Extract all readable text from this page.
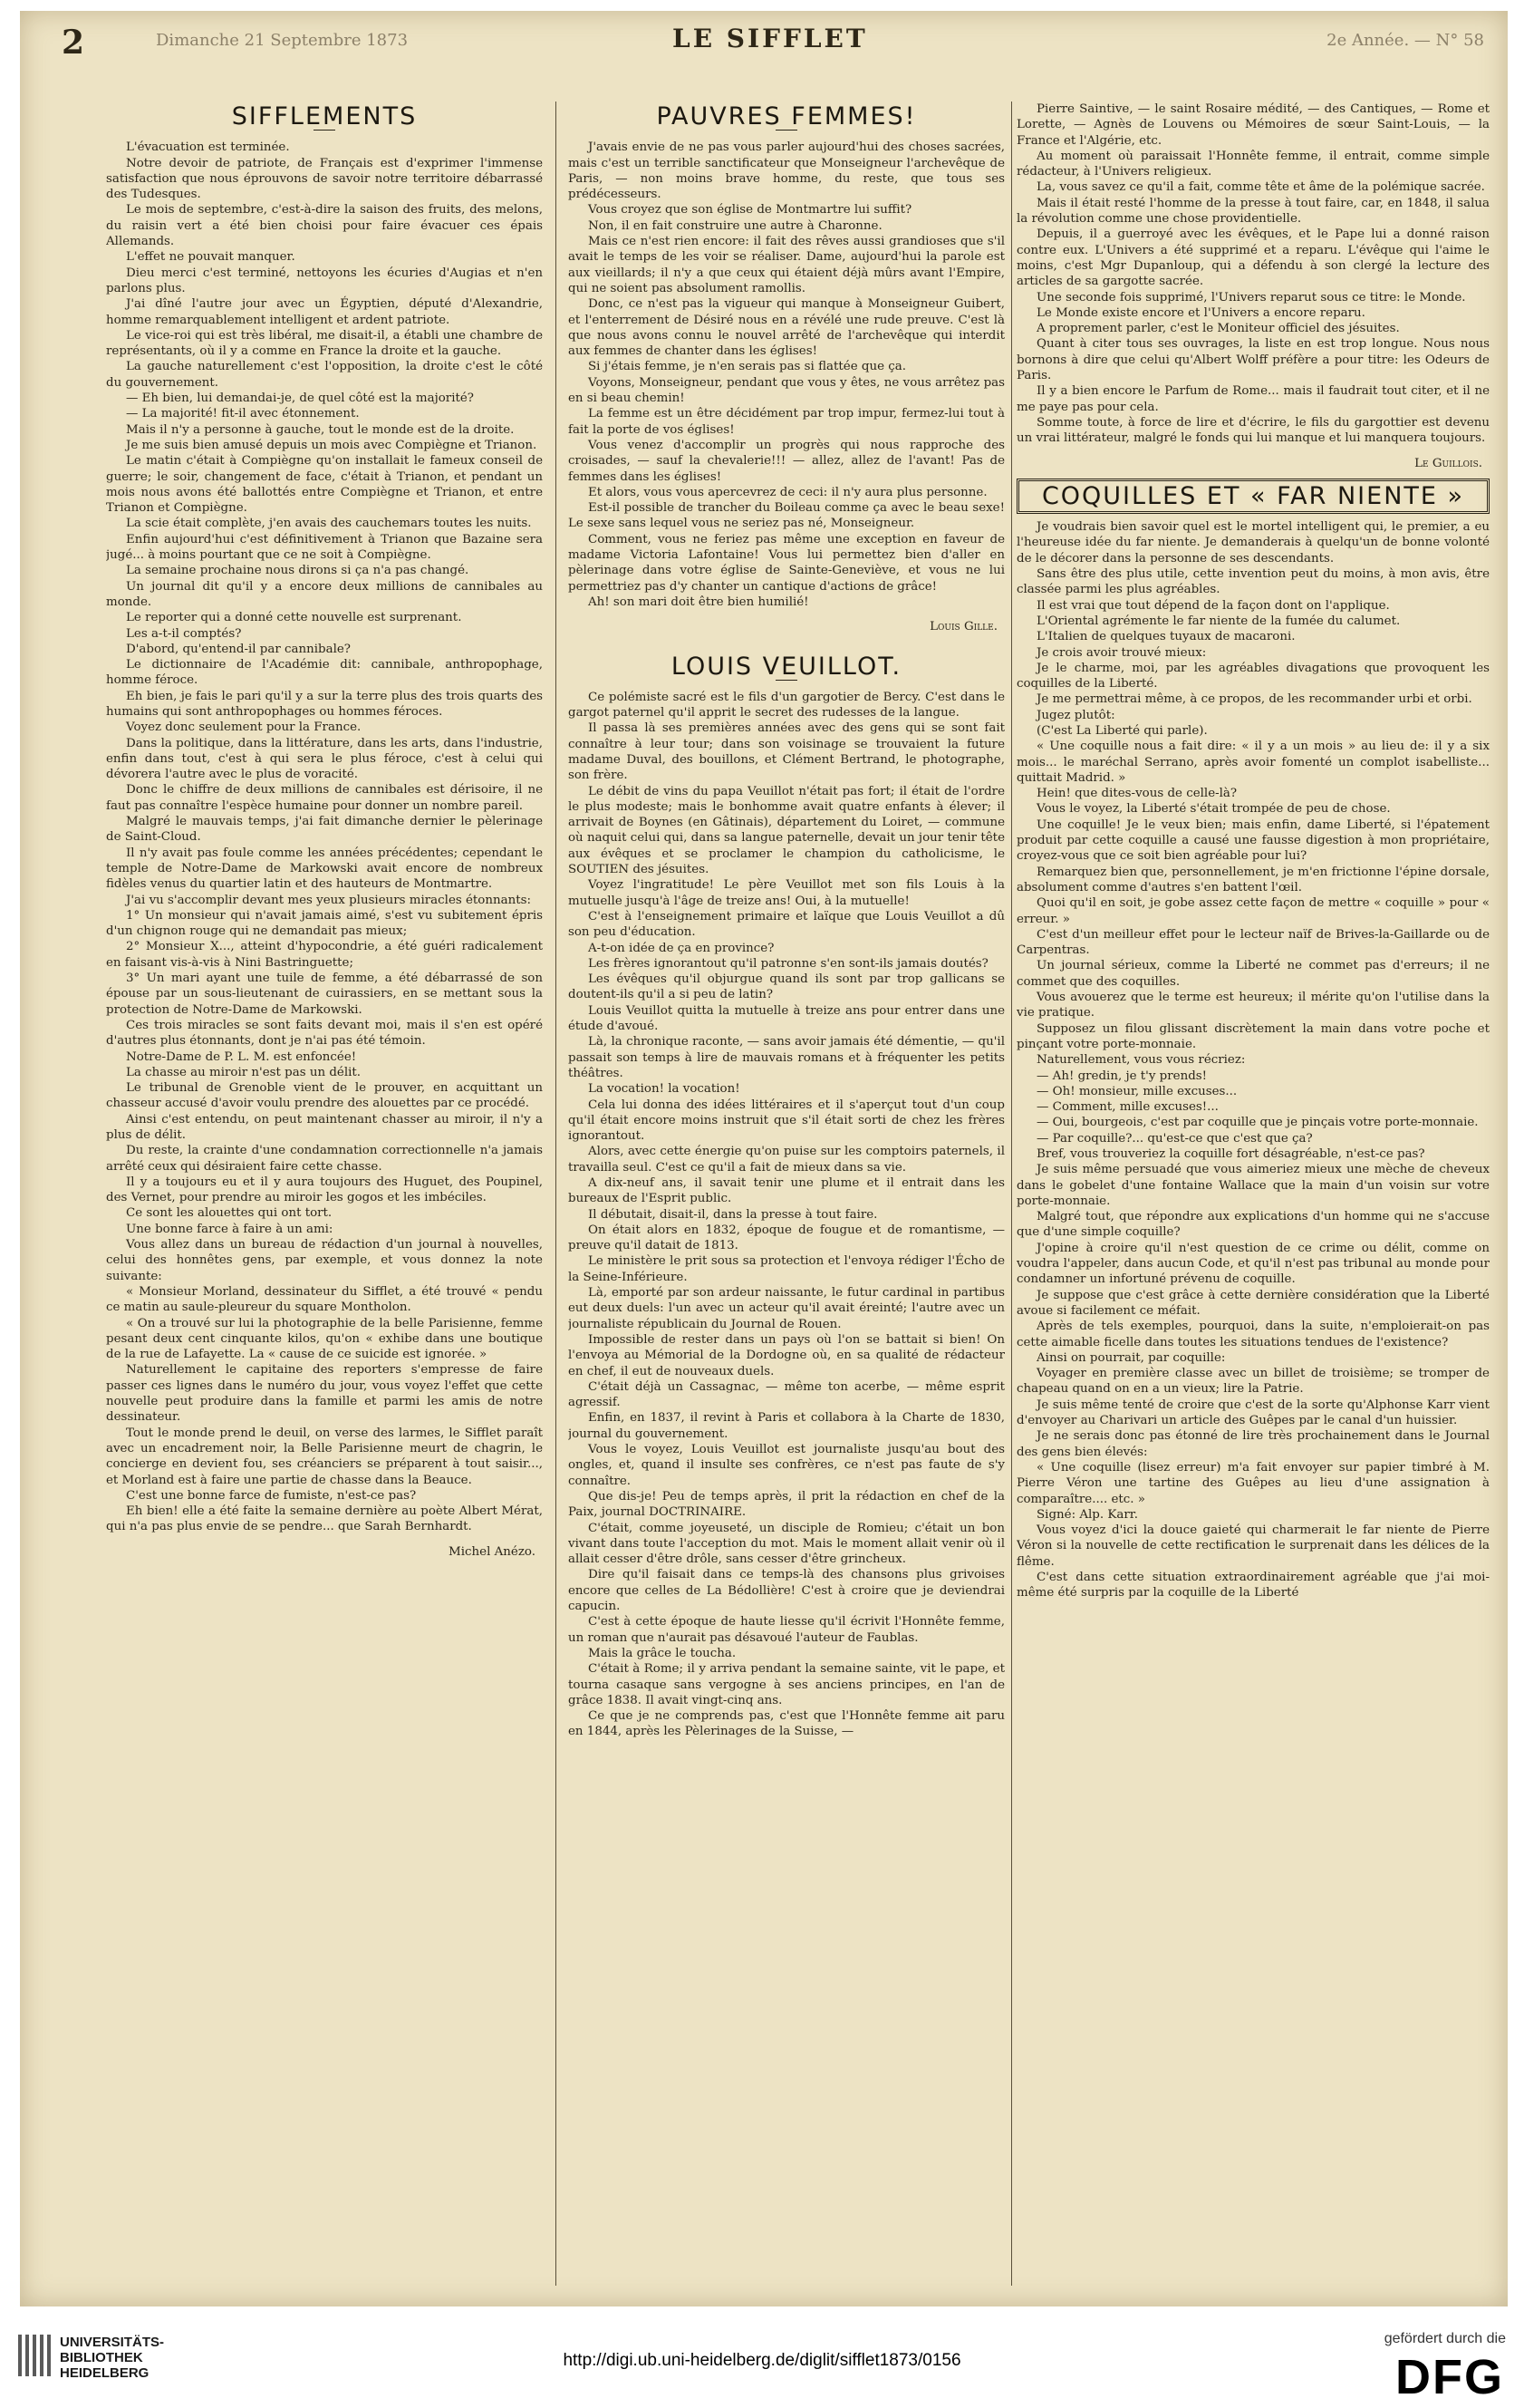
2	Dimanche 21 Septembre 1873	LE SIFFLET	2e Année. — N° 58
SIFFLEMENTS

L'évacuation est terminée.

Notre devoir de patriote, de Français est d'exprimer l'immense satisfaction que nous éprouvons de savoir notre territoire débarrassé des Tudesques.

Le mois de septembre, c'est-à-dire la saison des fruits, des melons, du raisin vert a été bien choisi pour faire évacuer ces épais Allemands.

L'effet ne pouvait manquer.

Dieu merci c'est terminé, nettoyons les écuries d'Augias et n'en parlons plus.

J'ai dîné l'autre jour avec un Égyptien, député d'Alexandrie, homme remarquablement intelligent et ardent patriote.

Le vice-roi qui est très libéral, me disait-il, a établi une chambre de représentants, où il y a comme en France la droite et la gauche.

La gauche naturellement c'est l'opposition, la droite c'est le côté du gouvernement.

— Eh bien, lui demandai-je, de quel côté est la majorité?

— La majorité! fit-il avec étonnement.

Mais il n'y a personne à gauche, tout le monde est de la droite.

Je me suis bien amusé depuis un mois avec Compiègne et Trianon.

Le matin c'était à Compiègne qu'on installait le fameux conseil de guerre; le soir, changement de face, c'était à Trianon, et pendant un mois nous avons été ballottés entre Compiègne et Trianon, et entre Trianon et Compiègne.

La scie était complète, j'en avais des cauchemars toutes les nuits.

Enfin aujourd'hui c'est définitivement à Trianon que Bazaine sera jugé... à moins pourtant que ce ne soit à Compiègne.

La semaine prochaine nous dirons si ça n'a pas changé.

Un journal dit qu'il y a encore deux millions de cannibales au monde.

Le reporter qui a donné cette nouvelle est surprenant.

Les a-t-il comptés?

D'abord, qu'entend-il par cannibale?

Le dictionnaire de l'Académie dit: cannibale, anthropophage, homme féroce.

Eh bien, je fais le pari qu'il y a sur la terre plus des trois quarts des humains qui sont anthropophages ou hommes féroces.

Voyez donc seulement pour la France.

Dans la politique, dans la littérature, dans les arts, dans l'industrie, enfin dans tout, c'est à qui sera le plus féroce, c'est à celui qui dévorera l'autre avec le plus de voracité.

Donc le chiffre de deux millions de cannibales est dérisoire, il ne faut pas connaître l'espèce humaine pour donner un nombre pareil.

Malgré le mauvais temps, j'ai fait dimanche dernier le pèlerinage de Saint-Cloud.

Il n'y avait pas foule comme les années précédentes; cependant le temple de Notre-Dame de Markowski avait encore de nombreux fidèles venus du quartier latin et des hauteurs de Montmartre.

J'ai vu s'accomplir devant mes yeux plusieurs miracles étonnants:

1° Un monsieur qui n'avait jamais aimé, s'est vu subitement épris d'un chignon rouge qui ne demandait pas mieux;

2° Monsieur X..., atteint d'hypocondrie, a été guéri radicalement en faisant vis-à-vis à Nini Bastringuette;

3° Un mari ayant une tuile de femme, a été débarrassé de son épouse par un sous-lieutenant de cuirassiers, en se mettant sous la protection de Notre-Dame de Markowski.

Ces trois miracles se sont faits devant moi, mais il s'en est opéré d'autres plus étonnants, dont je n'ai pas été témoin.

Notre-Dame de P. L. M. est enfoncée!

La chasse au miroir n'est pas un délit.

Le tribunal de Grenoble vient de le prouver, en acquittant un chasseur accusé d'avoir voulu prendre des alouettes par ce procédé.

Ainsi c'est entendu, on peut maintenant chasser au miroir, il n'y a plus de délit.

Du reste, la crainte d'une condamnation correctionnelle n'a jamais arrêté ceux qui désiraient faire cette chasse.

Il y a toujours eu et il y aura toujours des Huguet, des Poupinel, des Vernet, pour prendre au miroir les gogos et les imbéciles.

Ce sont les alouettes qui ont tort.

Une bonne farce à faire à un ami:

Vous allez dans un bureau de rédaction d'un journal à nouvelles, celui des honnêtes gens, par exemple, et vous donnez la note suivante:

« Monsieur Morland, dessinateur du Sifflet, a été trouvé « pendu ce matin au saule-pleureur du square Montholon.

« On a trouvé sur lui la photographie de la belle Parisienne, femme pesant deux cent cinquante kilos, qu'on « exhibe dans une boutique de la rue de Lafayette. La « cause de ce suicide est ignorée. »

Naturellement le capitaine des reporters s'empresse de faire passer ces lignes dans le numéro du jour, vous voyez l'effet que cette nouvelle peut produire dans la famille et parmi les amis de notre dessinateur.

Tout le monde prend le deuil, on verse des larmes, le Sifflet paraît avec un encadrement noir, la Belle Parisienne meurt de chagrin, le concierge en devient fou, ses créanciers se préparent à tout saisir..., et Morland est à faire une partie de chasse dans la Beauce.

C'est une bonne farce de fumiste, n'est-ce pas?

Eh bien! elle a été faite la semaine dernière au poète Albert Mérat, qui n'a pas plus envie de se pendre... que Sarah Bernhardt.

Michel Anézo.

PAUVRES FEMMES!

J'avais envie de ne pas vous parler aujourd'hui des choses sacrées, mais c'est un terrible sanctificateur que Monseigneur l'archevêque de Paris, — non moins brave homme, du reste, que tous ses prédécesseurs.

Vous croyez que son église de Montmartre lui suffit?

Non, il en fait construire une autre à Charonne.

Mais ce n'est rien encore: il fait des rêves aussi grandioses que s'il avait le temps de les voir se réaliser. Dame, aujourd'hui la parole est aux vieillards; il n'y a que ceux qui étaient déjà mûrs avant l'Empire, qui ne soient pas absolument ramollis.

Donc, ce n'est pas la vigueur qui manque à Monseigneur Guibert, et l'enterrement de Désiré nous en a révélé une rude preuve. C'est là que nous avons connu le nouvel arrêté de l'archevêque qui interdit aux femmes de chanter dans les églises!

Si j'étais femme, je n'en serais pas si flattée que ça.

Voyons, Monseigneur, pendant que vous y êtes, ne vous arrêtez pas en si beau chemin!

La femme est un être décidément par trop impur, fermez-lui tout à fait la porte de vos églises!

Vous venez d'accomplir un progrès qui nous rapproche des croisades, — sauf la chevalerie!!! — allez, allez de l'avant! Pas de femmes dans les églises!

Et alors, vous vous apercevrez de ceci: il n'y aura plus personne.

Est-il possible de trancher du Boileau comme ça avec le beau sexe! Le sexe sans lequel vous ne seriez pas né, Monseigneur.

Comment, vous ne feriez pas même une exception en faveur de madame Victoria Lafontaine! Vous lui permettez bien d'aller en pèlerinage dans votre église de Sainte-Geneviève, et vous ne lui permettriez pas d'y chanter un cantique d'actions de grâce!

Ah! son mari doit être bien humilié!

Louis Gille.

LOUIS VEUILLOT.

Ce polémiste sacré est le fils d'un gargotier de Bercy. C'est dans le gargot paternel qu'il apprit le secret des rudesses de la langue.

Il passa là ses premières années avec des gens qui se sont fait connaître à leur tour; dans son voisinage se trouvaient la future madame Duval, des bouillons, et Clément Bertrand, le photographe, son frère.

Le débit de vins du papa Veuillot n'était pas fort; il était de l'ordre le plus modeste; mais le bonhomme avait quatre enfants à élever; il arrivait de Boynes (en Gâtinais), département du Loiret, — commune où naquit celui qui, dans sa langue paternelle, devait un jour tenir tête aux évêques et se proclamer le champion du catholicisme, le SOUTIEN des jésuites.

Voyez l'ingratitude! Le père Veuillot met son fils Louis à la mutuelle jusqu'à l'âge de treize ans! Oui, à la mutuelle!

C'est à l'enseignement primaire et laïque que Louis Veuillot a dû son peu d'éducation.

A-t-on idée de ça en province?

Les frères ignorantout qu'il patronne s'en sont-ils jamais doutés?

Les évêques qu'il objurgue quand ils sont par trop gallicans se doutent-ils qu'il a si peu de latin?

Louis Veuillot quitta la mutuelle à treize ans pour entrer dans une étude d'avoué.

Là, la chronique raconte, — sans avoir jamais été démentie, — qu'il passait son temps à lire de mauvais romans et à fréquenter les petits théâtres.

La vocation! la vocation!

Cela lui donna des idées littéraires et il s'aperçut tout d'un coup qu'il était encore moins instruit que s'il était sorti de chez les frères ignorantout.

Alors, avec cette énergie qu'on puise sur les comptoirs paternels, il travailla seul. C'est ce qu'il a fait de mieux dans sa vie.

A dix-neuf ans, il savait tenir une plume et il entrait dans les bureaux de l'Esprit public.

Il débutait, disait-il, dans la presse à tout faire.

On était alors en 1832, époque de fougue et de romantisme, — preuve qu'il datait de 1813.

Le ministère le prit sous sa protection et l'envoya rédiger l'Écho de la Seine-Inférieure.

Là, emporté par son ardeur naissante, le futur cardinal in partibus eut deux duels: l'un avec un acteur qu'il avait éreinté; l'autre avec un journaliste républicain du Journal de Rouen.

Impossible de rester dans un pays où l'on se battait si bien! On l'envoya au Mémorial de la Dordogne où, en sa qualité de rédacteur en chef, il eut de nouveaux duels.

C'était déjà un Cassagnac, — même ton acerbe, — même esprit agressif.

Enfin, en 1837, il revint à Paris et collabora à la Charte de 1830, journal du gouvernement.

Vous le voyez, Louis Veuillot est journaliste jusqu'au bout des ongles, et, quand il insulte ses confrères, ce n'est pas faute de s'y connaître.

Que dis-je! Peu de temps après, il prit la rédaction en chef de la Paix, journal DOCTRINAIRE.

C'était, comme joyeuseté, un disciple de Romieu; c'était un bon vivant dans toute l'acception du mot. Mais le moment allait venir où il allait cesser d'être drôle, sans cesser d'être grincheux.

Dire qu'il faisait dans ce temps-là des chansons plus grivoises encore que celles de La Bédollière! C'est à croire que je deviendrai capucin.

C'est à cette époque de haute liesse qu'il écrivit l'Honnête femme, un roman que n'aurait pas désavoué l'auteur de Faublas.

Mais la grâce le toucha.

C'était à Rome; il y arriva pendant la semaine sainte, vit le pape, et tourna casaque sans vergogne à ses anciens principes, en l'an de grâce 1838. Il avait vingt-cinq ans.

Ce que je ne comprends pas, c'est que l'Honnête femme ait paru en 1844, après les Pèlerinages de la Suisse, —

Pierre Saintive, — le saint Rosaire médité, — des Cantiques, — Rome et Lorette, — Agnès de Louvens ou Mémoires de sœur Saint-Louis, — la France et l'Algérie, etc.

Au moment où paraissait l'Honnête femme, il entrait, comme simple rédacteur, à l'Univers religieux.

La, vous savez ce qu'il a fait, comme tête et âme de la polémique sacrée.

Mais il était resté l'homme de la presse à tout faire, car, en 1848, il salua la révolution comme une chose providentielle.

Depuis, il a guerroyé avec les évêques, et le Pape lui a donné raison contre eux. L'Univers a été supprimé et a reparu. L'évêque qui l'aime le moins, c'est Mgr Dupanloup, qui a défendu à son clergé la lecture des articles de sa gargotte sacrée.

Une seconde fois supprimé, l'Univers reparut sous ce titre: le Monde.

Le Monde existe encore et l'Univers a encore reparu.

A proprement parler, c'est le Moniteur officiel des jésuites.

Quant à citer tous ses ouvrages, la liste en est trop longue. Nous nous bornons à dire que celui qu'Albert Wolff préfère a pour titre: les Odeurs de Paris.

Il y a bien encore le Parfum de Rome... mais il faudrait tout citer, et il ne me paye pas pour cela.

Somme toute, à force de lire et d'écrire, le fils du gargottier est devenu un vrai littérateur, malgré le fonds qui lui manque et lui manquera toujours.

Le Guillois.

COQUILLES ET « FAR NIENTE »

Je voudrais bien savoir quel est le mortel intelligent qui, le premier, a eu l'heureuse idée du far niente. Je demanderais à quelqu'un de bonne volonté de le décorer dans la personne de ses descendants.

Sans être des plus utile, cette invention peut du moins, à mon avis, être classée parmi les plus agréables.

Il est vrai que tout dépend de la façon dont on l'applique.

L'Oriental agrémente le far niente de la fumée du calumet.

L'Italien de quelques tuyaux de macaroni.

Je crois avoir trouvé mieux:

Je le charme, moi, par les agréables divagations que provoquent les coquilles de la Liberté.

Je me permettrai même, à ce propos, de les recommander urbi et orbi.

Jugez plutôt:

(C'est La Liberté qui parle).

« Une coquille nous a fait dire: « il y a un mois » au lieu de: il y a six mois... le maréchal Serrano, après avoir fomenté un complot isabelliste... quittait Madrid. »

Hein! que dites-vous de celle-là?

Vous le voyez, la Liberté s'était trompée de peu de chose.

Une coquille! Je le veux bien; mais enfin, dame Liberté, si l'épatement produit par cette coquille a causé une fausse digestion à mon propriétaire, croyez-vous que ce soit bien agréable pour lui?

Remarquez bien que, personnellement, je m'en frictionne l'épine dorsale, absolument comme d'autres s'en battent l'œil.

Quoi qu'il en soit, je gobe assez cette façon de mettre « coquille » pour « erreur. »

C'est d'un meilleur effet pour le lecteur naïf de Brives-la-Gaillarde ou de Carpentras.

Un journal sérieux, comme la Liberté ne commet pas d'erreurs; il ne commet que des coquilles.

Vous avouerez que le terme est heureux; il mérite qu'on l'utilise dans la vie pratique.

Supposez un filou glissant discrètement la main dans votre poche et pinçant votre porte-monnaie.

Naturellement, vous vous récriez:

— Ah! gredin, je t'y prends!

— Oh! monsieur, mille excuses...

— Comment, mille excuses!...

— Oui, bourgeois, c'est par coquille que je pinçais votre porte-monnaie.

— Par coquille?... qu'est-ce que c'est que ça?

Bref, vous trouveriez la coquille fort désagréable, n'est-ce pas?

Je suis même persuadé que vous aimeriez mieux une mèche de cheveux dans le gobelet d'une fontaine Wallace que la main d'un voisin sur votre porte-monnaie.

Malgré tout, que répondre aux explications d'un homme qui ne s'accuse que d'une simple coquille?

J'opine à croire qu'il n'est question de ce crime ou délit, comme on voudra l'appeler, dans aucun Code, et qu'il n'est pas tribunal au monde pour condamner un infortuné prévenu de coquille.

Je suppose que c'est grâce à cette dernière considération que la Liberté avoue si facilement ce méfait.

Après de tels exemples, pourquoi, dans la suite, n'emploierait-on pas cette aimable ficelle dans toutes les situations tendues de l'existence?

Ainsi on pourrait, par coquille:

Voyager en première classe avec un billet de troisième; se tromper de chapeau quand on en a un vieux; lire la Patrie.

Je suis même tenté de croire que c'est de la sorte qu'Alphonse Karr vient d'envoyer au Charivari un article des Guêpes par le canal d'un huissier.

Je ne serais donc pas étonné de lire très prochainement dans le Journal des gens bien élevés:

« Une coquille (lisez erreur) m'a fait envoyer sur papier timbré à M. Pierre Véron une tartine des Guêpes au lieu d'une assignation à comparaître.... etc. »

Signé: Alp. Karr.

Vous voyez d'ici la douce gaieté qui charmerait le far niente de Pierre Véron si la nouvelle de cette rectification le surprenait dans les délices de la flême.

C'est dans cette situation extraordinairement agréable que j'ai moi-même été surpris par la coquille de la Liberté

UNIVERSITÄTS-
BIBLIOTHEK
HEIDELBERG
http://digi.ub.uni-heidelberg.de/diglit/sifflet1873/0156
gefördert durch die
DFG
